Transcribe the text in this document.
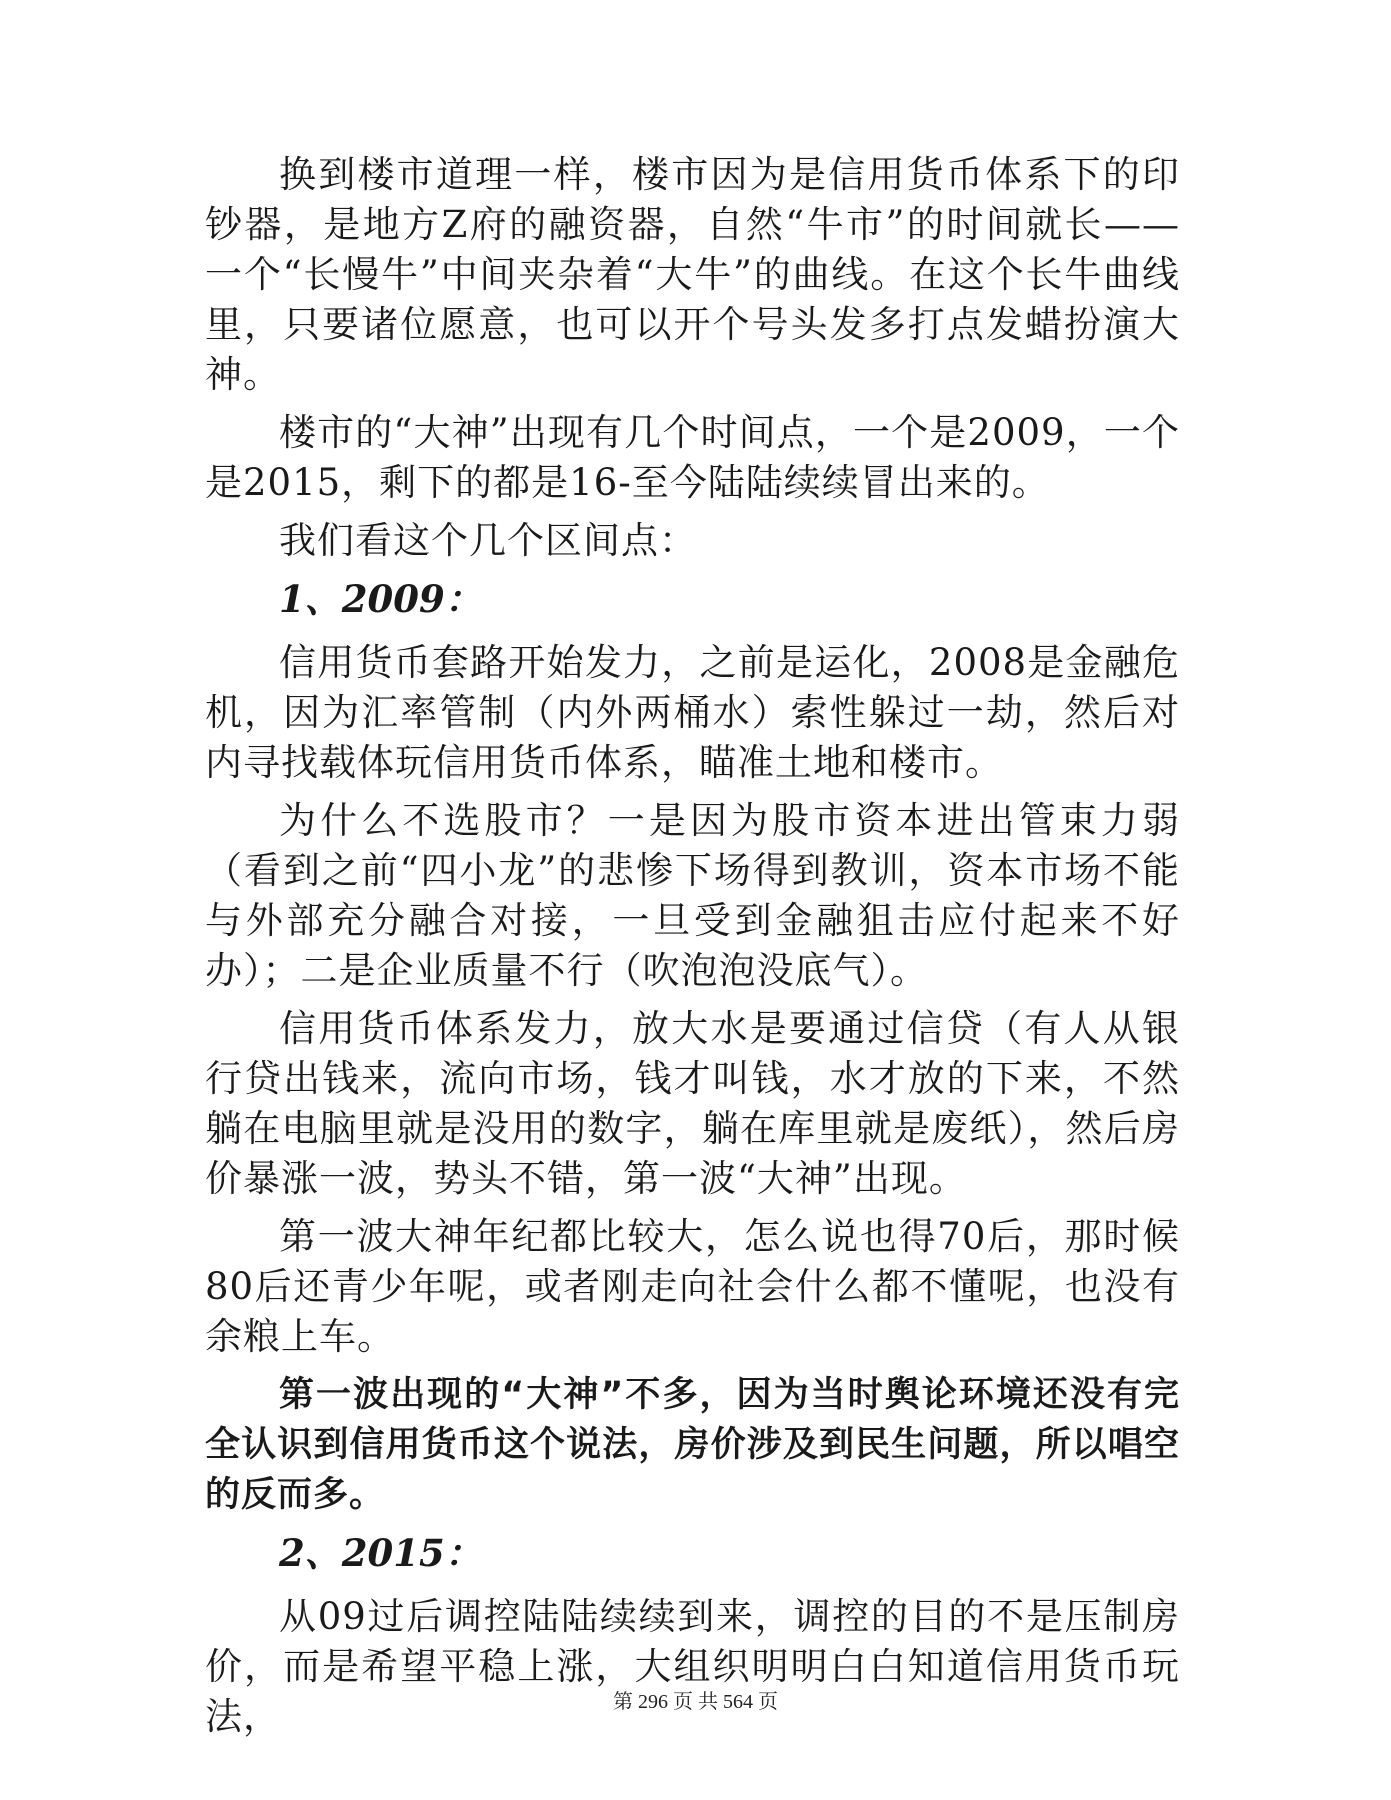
换到楼市道理一样，楼市因为是信用货币体系下的印钞器，是地方Z府的融资器，自然“牛市”的时间就长——一个“长慢牛”中间夹杂着“大牛”的曲线。在这个长牛曲线里，只要诸位愿意，也可以开个号头发多打点发蜡扮演大神。

楼市的“大神”出现有几个时间点，一个是2009，一个是2015，剩下的都是16-至今陆陆续续冒出来的。

我们看这个几个区间点：

1、2009：

信用货币套路开始发力，之前是运化，2008是金融危机，因为汇率管制（内外两桶水）索性躲过一劫，然后对内寻找载体玩信用货币体系，瞄准土地和楼市。

为什么不选股市？一是因为股市资本进出管束力弱（看到之前“四小龙”的悲惨下场得到教训，资本市场不能与外部充分融合对接，一旦受到金融狙击应付起来不好办）；二是企业质量不行（吹泡泡没底气）。

信用货币体系发力，放大水是要通过信贷（有人从银行贷出钱来，流向市场，钱才叫钱，水才放的下来，不然躺在电脑里就是没用的数字，躺在库里就是废纸），然后房价暴涨一波，势头不错，第一波“大神”出现。

第一波大神年纪都比较大，怎么说也得70后，那时候80后还青少年呢，或者刚走向社会什么都不懂呢，也没有余粮上车。

第一波出现的“大神”不多，因为当时舆论环境还没有完全认识到信用货币这个说法，房价涉及到民生问题，所以唱空的反而多。

2、2015：

从09过后调控陆陆续续到来，调控的目的不是压制房价，而是希望平稳上涨，大组织明明白白知道信用货币玩法，	第 296 页 共 564 页
